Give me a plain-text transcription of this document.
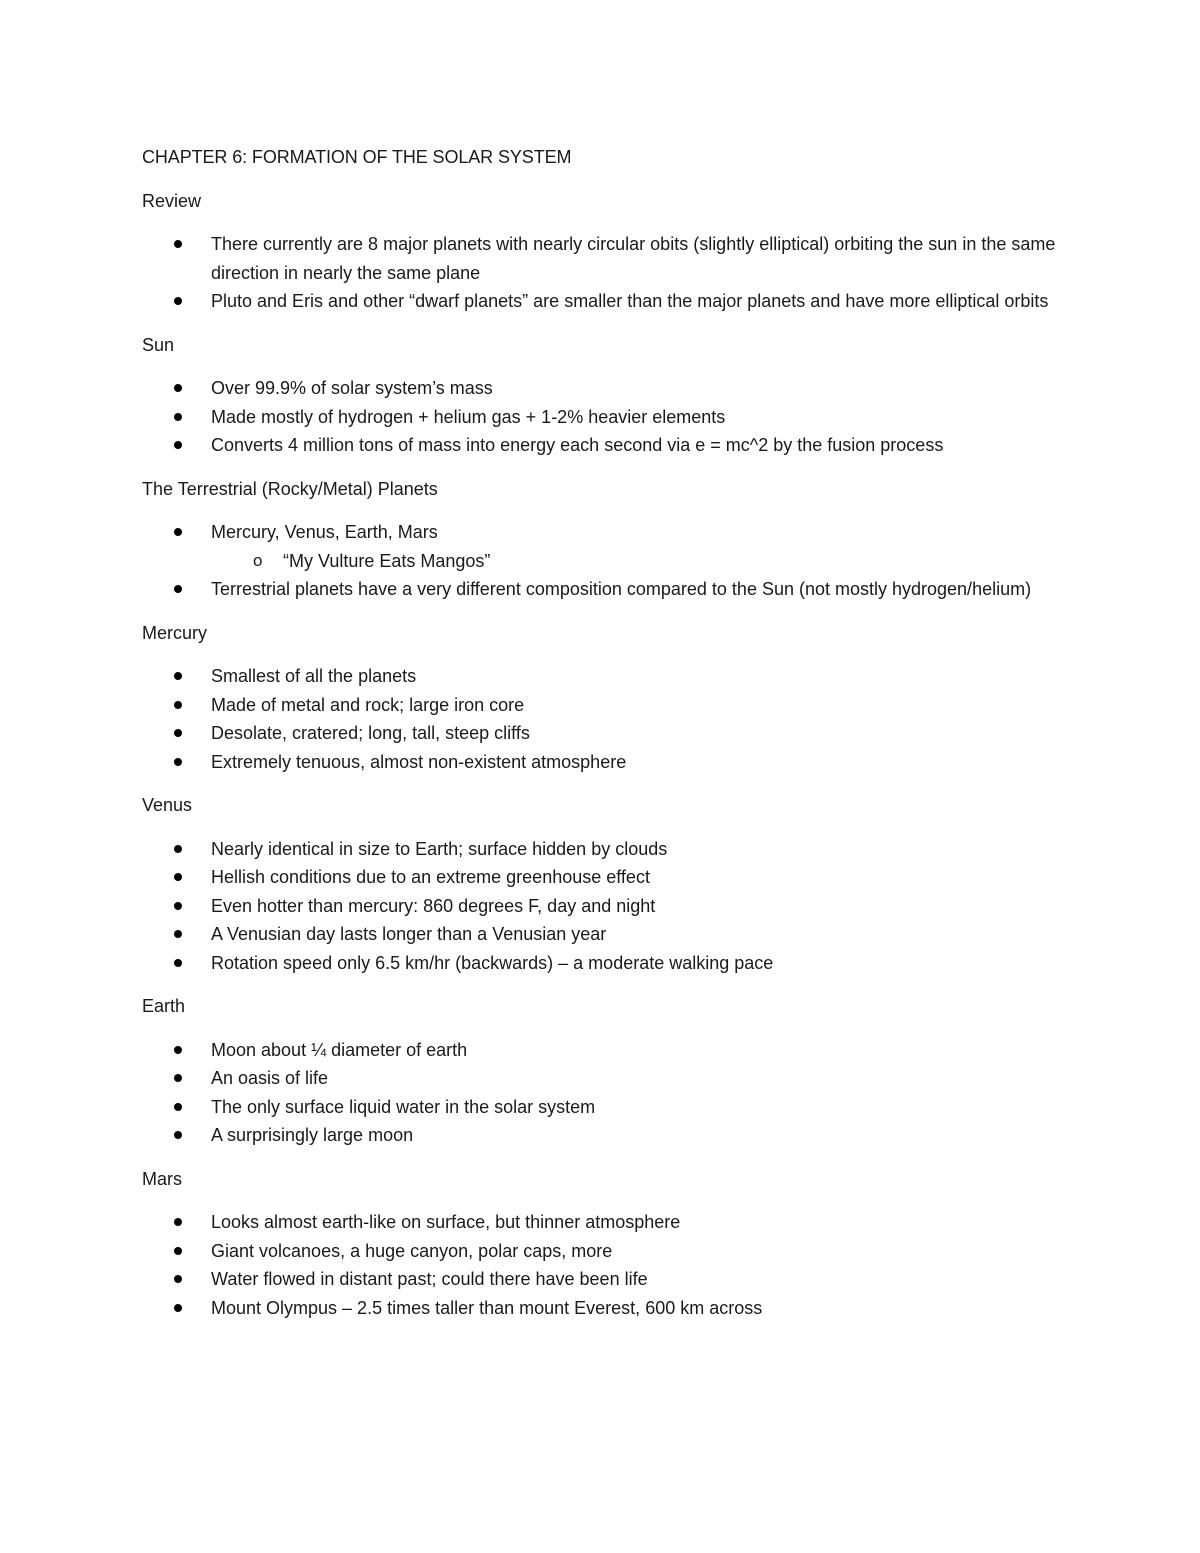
CHAPTER 6: FORMATION OF THE SOLAR SYSTEM

Review

There currently are 8 major planets with nearly circular obits (slightly elliptical) orbiting the sun in the same direction in nearly the same plane
Pluto and Eris and other “dwarf planets” are smaller than the major planets and have more elliptical orbits

Sun

Over 99.9% of solar system’s mass
Made mostly of hydrogen + helium gas + 1-2% heavier elements
Converts 4 million tons of mass into energy each second via e = mc^2 by the fusion process

The Terrestrial (Rocky/Metal) Planets

Mercury, Venus, Earth, Mars
o “My Vulture Eats Mangos”
Terrestrial planets have a very different composition compared to the Sun (not mostly hydrogen/helium)

Mercury

Smallest of all the planets
Made of metal and rock; large iron core
Desolate, cratered; long, tall, steep cliffs
Extremely tenuous, almost non-existent atmosphere

Venus

Nearly identical in size to Earth; surface hidden by clouds
Hellish conditions due to an extreme greenhouse effect
Even hotter than mercury: 860 degrees F, day and night
A Venusian day lasts longer than a Venusian year
Rotation speed only 6.5 km/hr (backwards) – a moderate walking pace

Earth

Moon about ¼ diameter of earth
An oasis of life
The only surface liquid water in the solar system
A surprisingly large moon

Mars

Looks almost earth-like on surface, but thinner atmosphere
Giant volcanoes, a huge canyon, polar caps, more
Water flowed in distant past; could there have been life
Mount Olympus – 2.5 times taller than mount Everest, 600 km across
